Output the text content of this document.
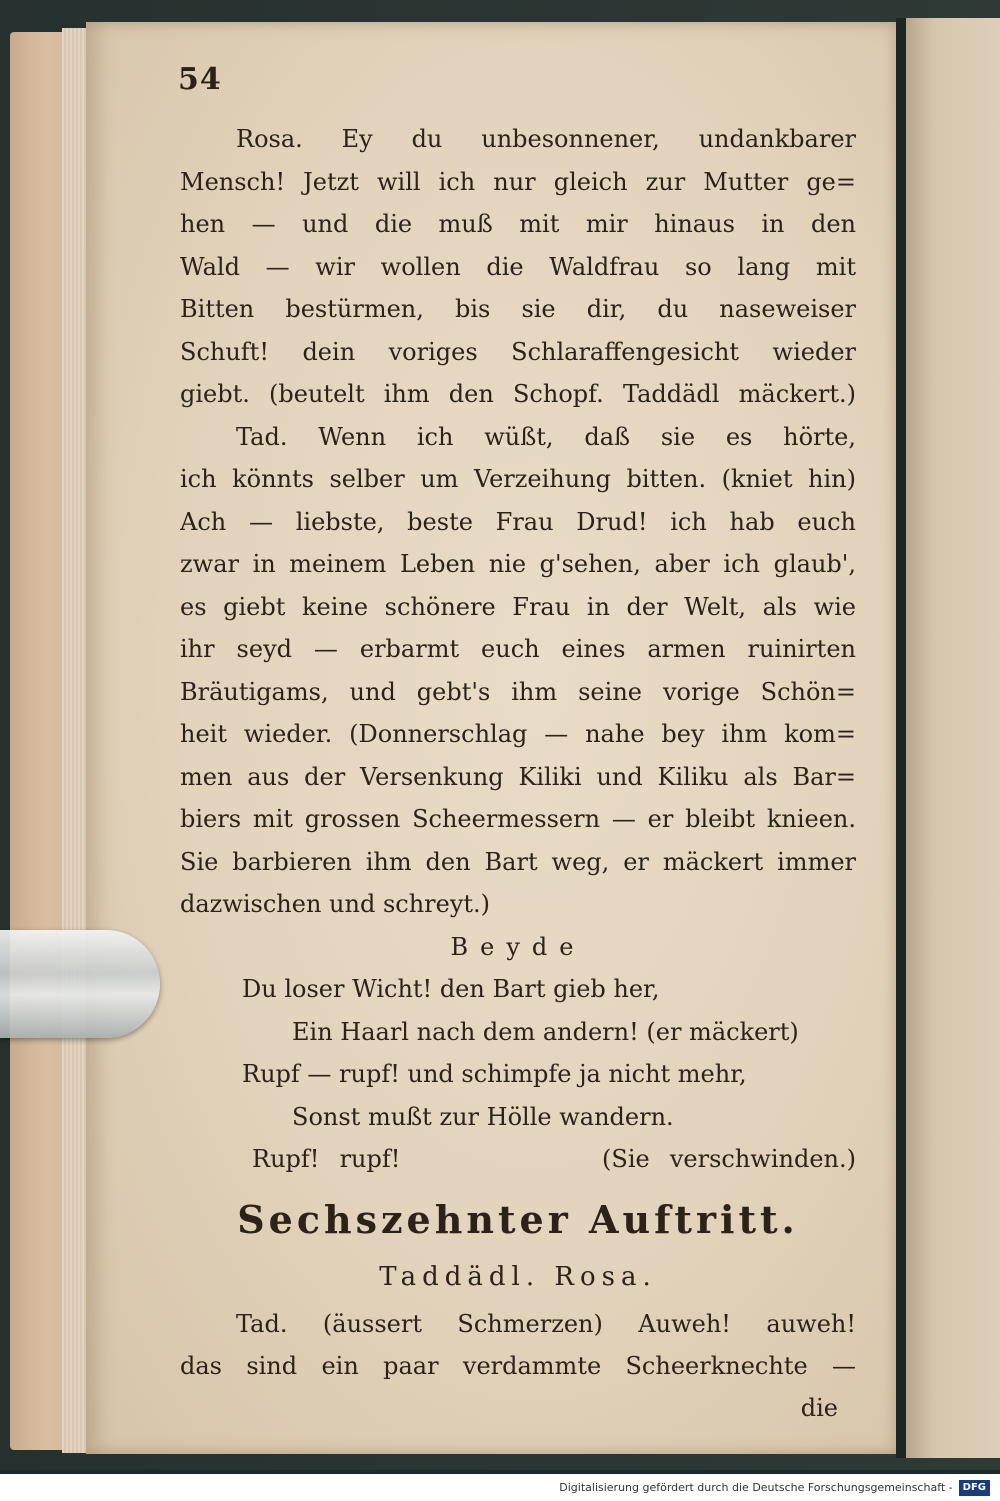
54
Rosa. Ey du unbesonnener, undankbarer
Mensch! Jetzt will ich nur gleich zur Mutter ge=
hen — und die muß mit mir hinaus in den
Wald — wir wollen die Waldfrau so lang mit
Bitten bestürmen, bis sie dir, du naseweiser
Schuft! dein voriges Schlaraffengesicht wieder
giebt. (beutelt ihm den Schopf. Taddädl mäckert.)
Tad. Wenn ich wüßt, daß sie es hörte,
ich könnts selber um Verzeihung bitten. (kniet hin)
Ach — liebste, beste Frau Drud! ich hab euch
zwar in meinem Leben nie g'sehen, aber ich glaub',
es giebt keine schönere Frau in der Welt, als wie
ihr seyd — erbarmt euch eines armen ruinirten
Bräutigams, und gebt's ihm seine vorige Schön=
heit wieder. (Donnerschlag — nahe bey ihm kom=
men aus der Versenkung Kiliki und Kiliku als Bar=
biers mit grossen Scheermessern — er bleibt knieen.
Sie barbieren ihm den Bart weg, er mäckert immer
dazwischen und schreyt.)
Beyde
Du loser Wicht! den Bart gieb her,
Ein Haarl nach dem andern! (er mäckert)
Rupf — rupf! und schimpfe ja nicht mehr,
Sonst mußt zur Hölle wandern.
Rupf! rupf!          (Sie verschwinden.)
Sechszehnter Auftritt.
Taddädl. Rosa.
Tad. (äussert Schmerzen) Auweh! auweh!
das sind ein paar verdammte Scheerknechte —
die
Digitalisierung gefördert durch die Deutsche Forschungsgemeinschaft - DFG
